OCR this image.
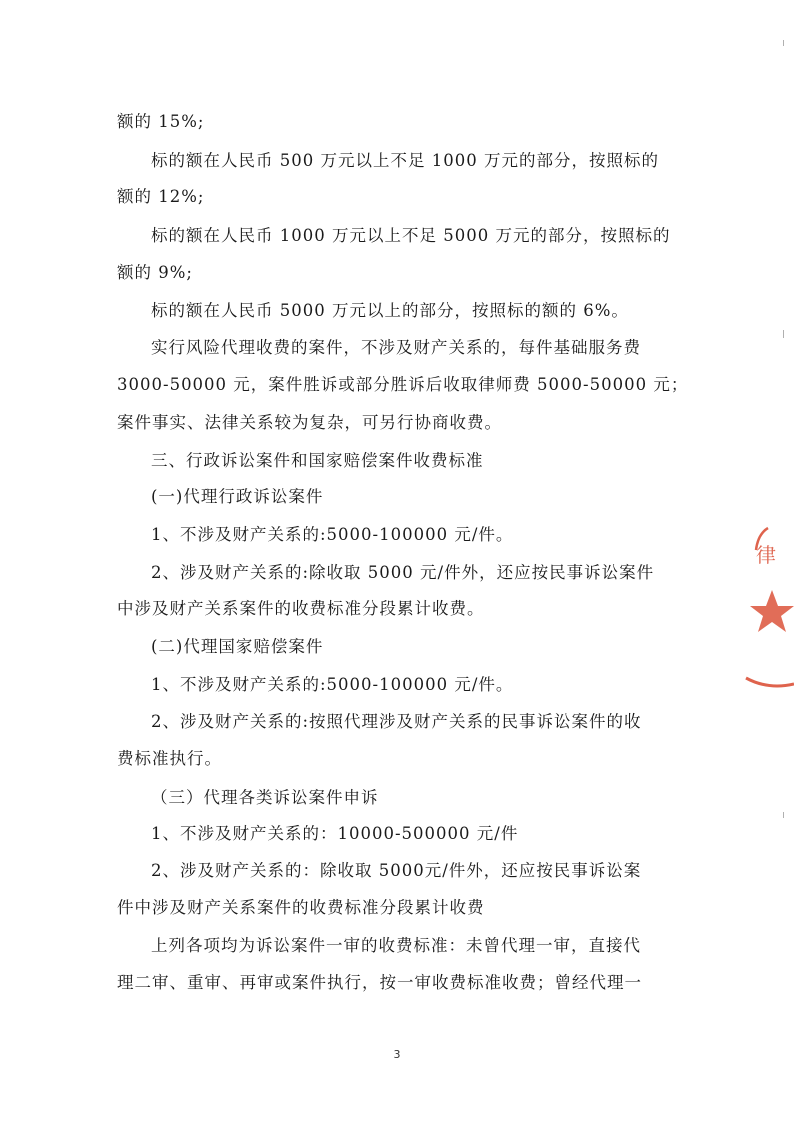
额的 15%;
标的额在人民币 500 万元以上不足 1000 万元的部分，按照标的
额的 12%;
标的额在人民币 1000 万元以上不足 5000 万元的部分，按照标的
额的 9%;
标的额在人民币 5000 万元以上的部分，按照标的额的 6%。
实行风险代理收费的案件，不涉及财产关系的，每件基础服务费
3000-50000 元，案件胜诉或部分胜诉后收取律师费 5000-50000 元；
案件事实、法律关系较为复杂，可另行协商收费。
三、行政诉讼案件和国家赔偿案件收费标准
(一)代理行政诉讼案件
1、不涉及财产关系的:5000-100000 元/件。
2、涉及财产关系的:除收取 5000 元/件外，还应按民事诉讼案件
中涉及财产关系案件的收费标准分段累计收费。
(二)代理国家赔偿案件
1、不涉及财产关系的:5000-100000 元/件。
2、涉及财产关系的:按照代理涉及财产关系的民事诉讼案件的收
费标准执行。
（三）代理各类诉讼案件申诉
1、不涉及财产关系的：10000-500000 元/件
2、涉及财产关系的：除收取 5000元/件外，还应按民事诉讼案
件中涉及财产关系案件的收费标准分段累计收费
上列各项均为诉讼案件一审的收费标准：未曾代理一审，直接代
理二审、重审、再审或案件执行，按一审收费标准收费；曾经代理一
3
律
